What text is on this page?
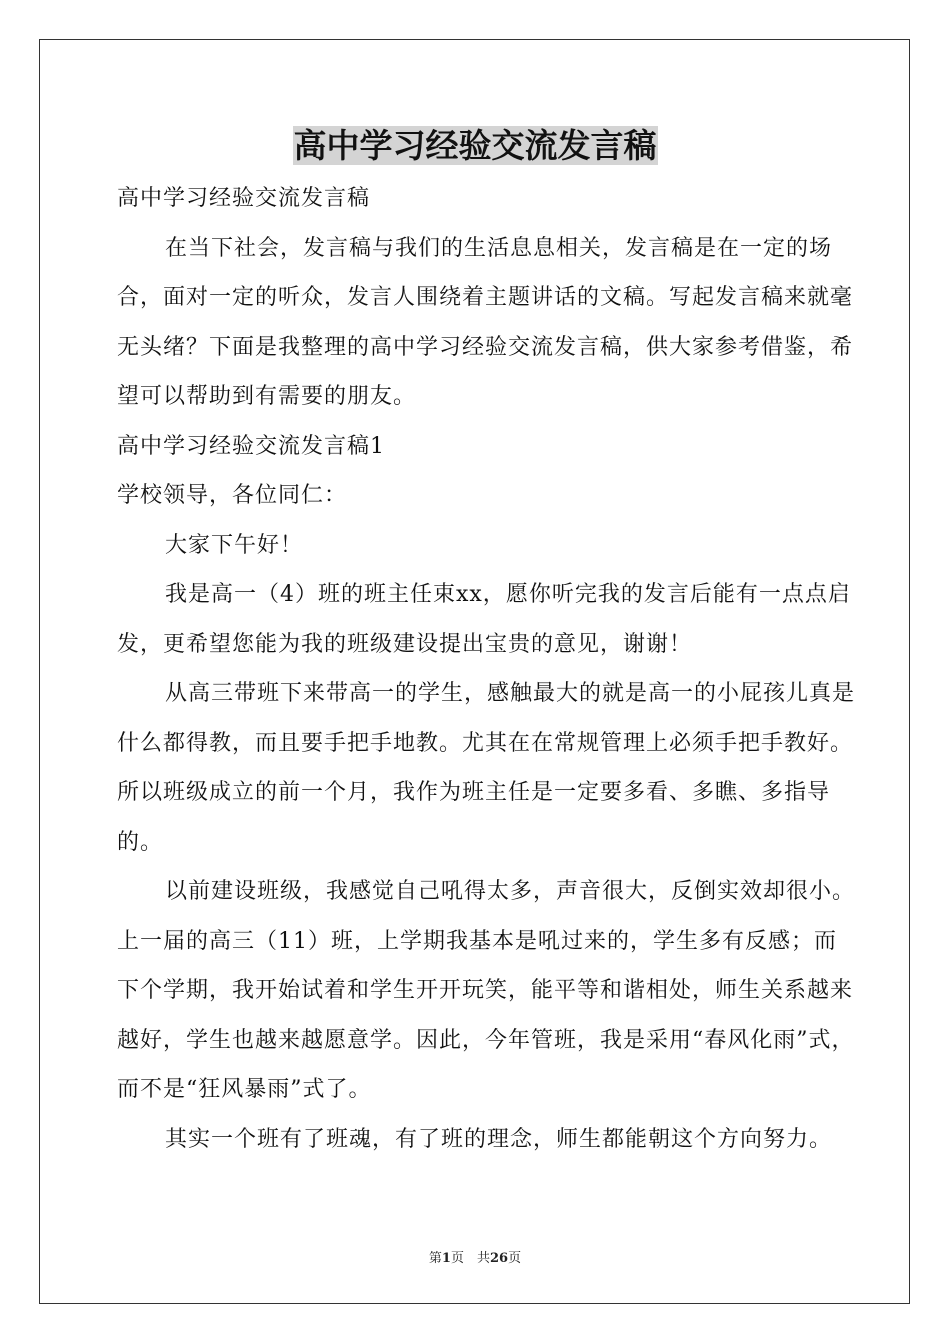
高中学习经验交流发言稿

高中学习经验交流发言稿

在当下社会，发言稿与我们的生活息息相关，发言稿是在一定的场合，面对一定的听众，发言人围绕着主题讲话的文稿。写起发言稿来就毫无头绪？下面是我整理的高中学习经验交流发言稿，供大家参考借鉴，希望可以帮助到有需要的朋友。

高中学习经验交流发言稿1

学校领导，各位同仁：

大家下午好！

我是高一（4）班的班主任束xx，愿你听完我的发言后能有一点点启发，更希望您能为我的班级建设提出宝贵的意见，谢谢！

从高三带班下来带高一的学生，感触最大的就是高一的小屁孩儿真是什么都得教，而且要手把手地教。尤其在在常规管理上必须手把手教好。所以班级成立的前一个月，我作为班主任是一定要多看、多瞧、多指导的。

以前建设班级，我感觉自己吼得太多，声音很大，反倒实效却很小。上一届的高三（11）班，上学期我基本是吼过来的，学生多有反感；而下个学期，我开始试着和学生开开玩笑，能平等和谐相处，师生关系越来越好，学生也越来越愿意学。因此，今年管班，我是采用“春风化雨”式，而不是“狂风暴雨”式了。

其实一个班有了班魂，有了班的理念，师生都能朝这个方向努力。

第1页　共26页
